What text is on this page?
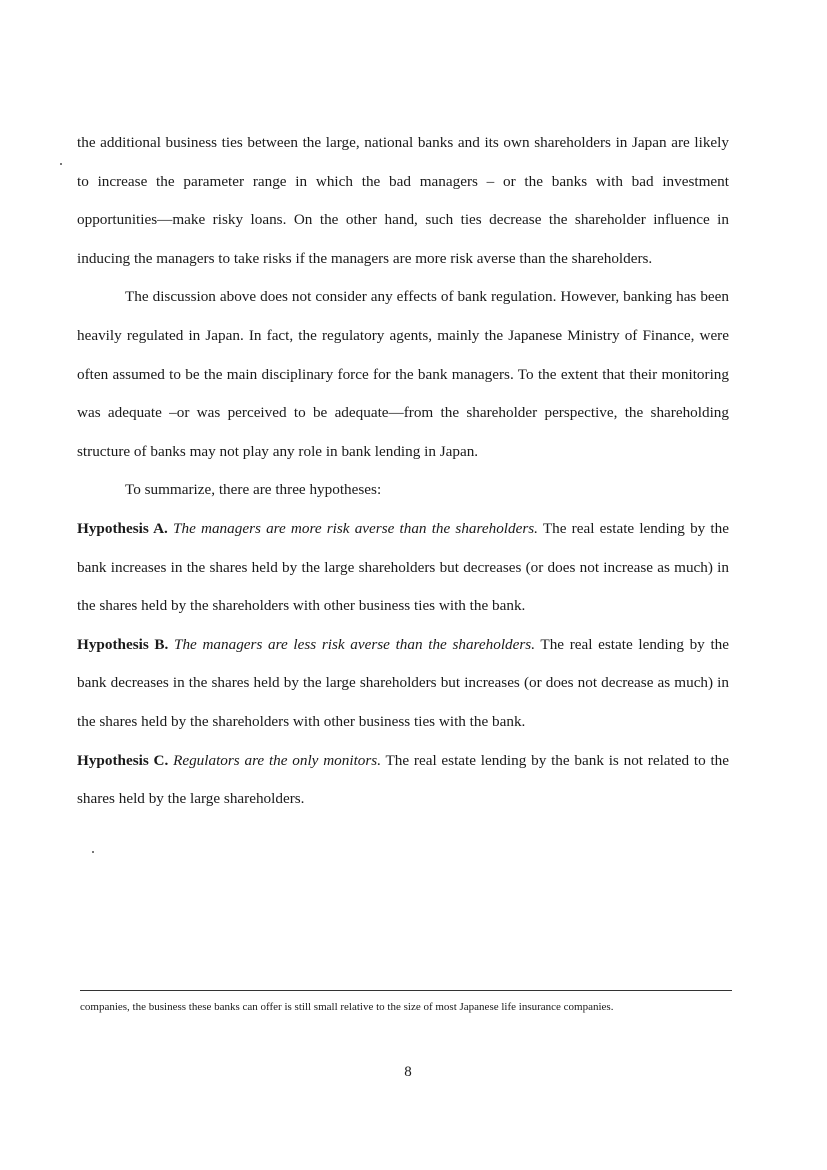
the additional business ties between the large, national banks and its own shareholders in Japan are likely to increase the parameter range in which the bad managers – or the banks with bad investment opportunities—make risky loans. On the other hand, such ties decrease the shareholder influence in inducing the managers to take risks if the managers are more risk averse than the shareholders.

The discussion above does not consider any effects of bank regulation. However, banking has been heavily regulated in Japan. In fact, the regulatory agents, mainly the Japanese Ministry of Finance, were often assumed to be the main disciplinary force for the bank managers. To the extent that their monitoring was adequate –or was perceived to be adequate—from the shareholder perspective, the shareholding structure of banks may not play any role in bank lending in Japan.

To summarize, there are three hypotheses:

Hypothesis A. The managers are more risk averse than the shareholders. The real estate lending by the bank increases in the shares held by the large shareholders but decreases (or does not increase as much) in the shares held by the shareholders with other business ties with the bank.

Hypothesis B. The managers are less risk averse than the shareholders. The real estate lending by the bank decreases in the shares held by the large shareholders but increases (or does not decrease as much) in the shares held by the shareholders with other business ties with the bank.

Hypothesis C. Regulators are the only monitors. The real estate lending by the bank is not related to the shares held by the large shareholders.

companies, the business these banks can offer is still small relative to the size of most Japanese life insurance companies.
8
